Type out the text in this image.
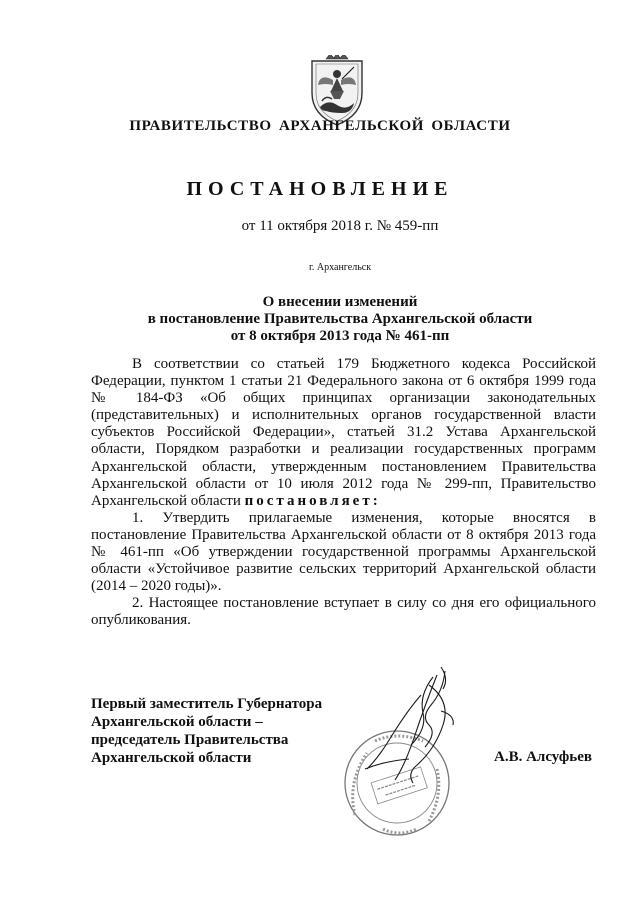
ПРАВИТЕЛЬСТВО АРХАНГЕЛЬСКОЙ ОБЛАСТИ
ПОСТАНОВЛЕНИЕ
от 11 октября 2018 г. № 459-пп
г. Архангельск
О внесении изменений
в постановление Правительства Архангельской области
от 8 октября 2013 года № 461-пп

В соответствии со статьей 179 Бюджетного кодекса Российской Федерации, пунктом 1 статьи 21 Федерального закона от 6 октября 1999 года № 184-ФЗ «Об общих принципах организации законодательных (представительных) и исполнительных органов государственной власти субъектов Российской Федерации», статьей 31.2 Устава Архангельской области, Порядком разработки и реализации государственных программ Архангельской области, утвержденным постановлением Правительства Архангельской области от 10 июля 2012 года № 299-пп, Правительство Архангельской области постановляет:

1. Утвердить прилагаемые изменения, которые вносятся в постановление Правительства Архангельской области от 8 октября 2013 года № 461-пп «Об утверждении государственной программы Архангельской области «Устойчивое развитие сельских территорий Архангельской области (2014 – 2020 годы)».

2. Настоящее постановление вступает в силу со дня его официального опубликования.

Первый заместитель Губернатора
Архангельской области –
председатель Правительства
Архангельской области	А.В. Алсуфьев
